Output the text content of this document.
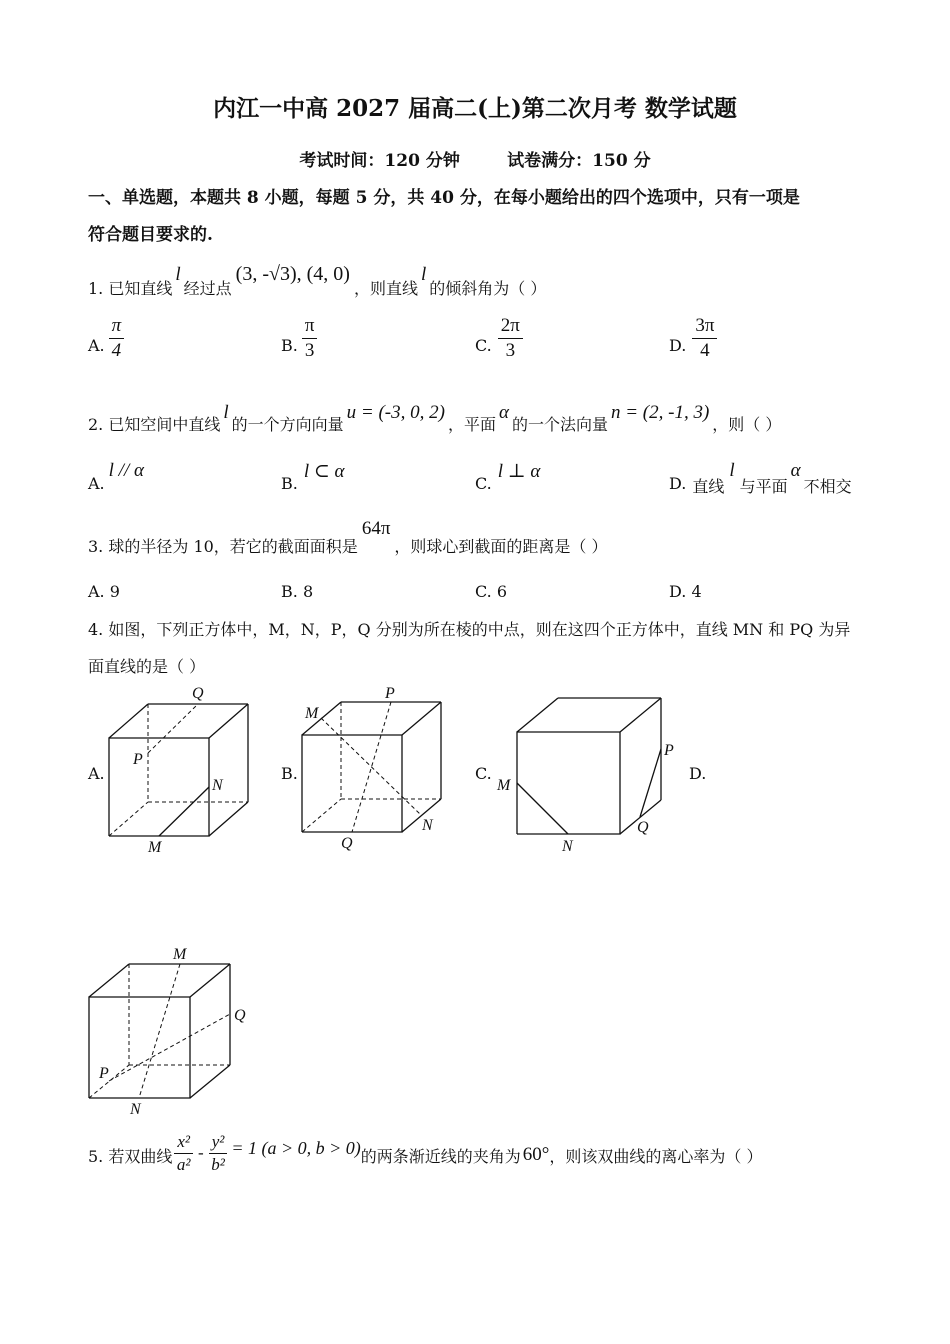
内江一中高 2027 届高二(上)第二次月考 数学试题
考试时间：120 分钟        试卷满分：150 分
一、单选题，本题共 8 小题，每题 5 分，共 40 分，在每小题给出的四个选项中，只有一项是
符合题目要求的.
1. 已知直线
l
经过点
(3, -√3), (4, 0)
，则直线
l
的倾斜角为（ ）
A. $\frac{\pi}{4}$	B. $\frac{\pi}{3}$	C. $\frac{2\pi}{3}$	D. $\frac{3\pi}{4}$
2. 已知空间中直线
l
的一个方向向量
u = (-3, 0, 2)
，平面
α
的一个法向量
n = (2, -1, 3)
，则（ ）
A.
l // α
B.
l ⊂ α
C.
l ⊥ α
D. 直线
l
与平面
α
不相交
3. 球的半径为 10，若它的截面面积是
64π
，则球心到截面的距离是（ ）
A. 9	B. 8	C. 6	D. 4
4. 如图，下列正方体中，M，N，P，Q 分别为所在棱的中点，则在这四个正方体中，直线 MN 和 PQ 为异
面直线的是（ ）
A.	B.	C.	D.
Q
P
N
M
M
P
N
Q
M
N
P
Q
M
Q
P
N
5. 若双曲线 $\frac{\text{x²}}{\text{a²}} - \frac{\text{y²}}{\text{b²}} = 1$ (a > 0, b > 0) 的两条渐近线的夹角为 60° ，则该双曲线的离心率为（ ）
